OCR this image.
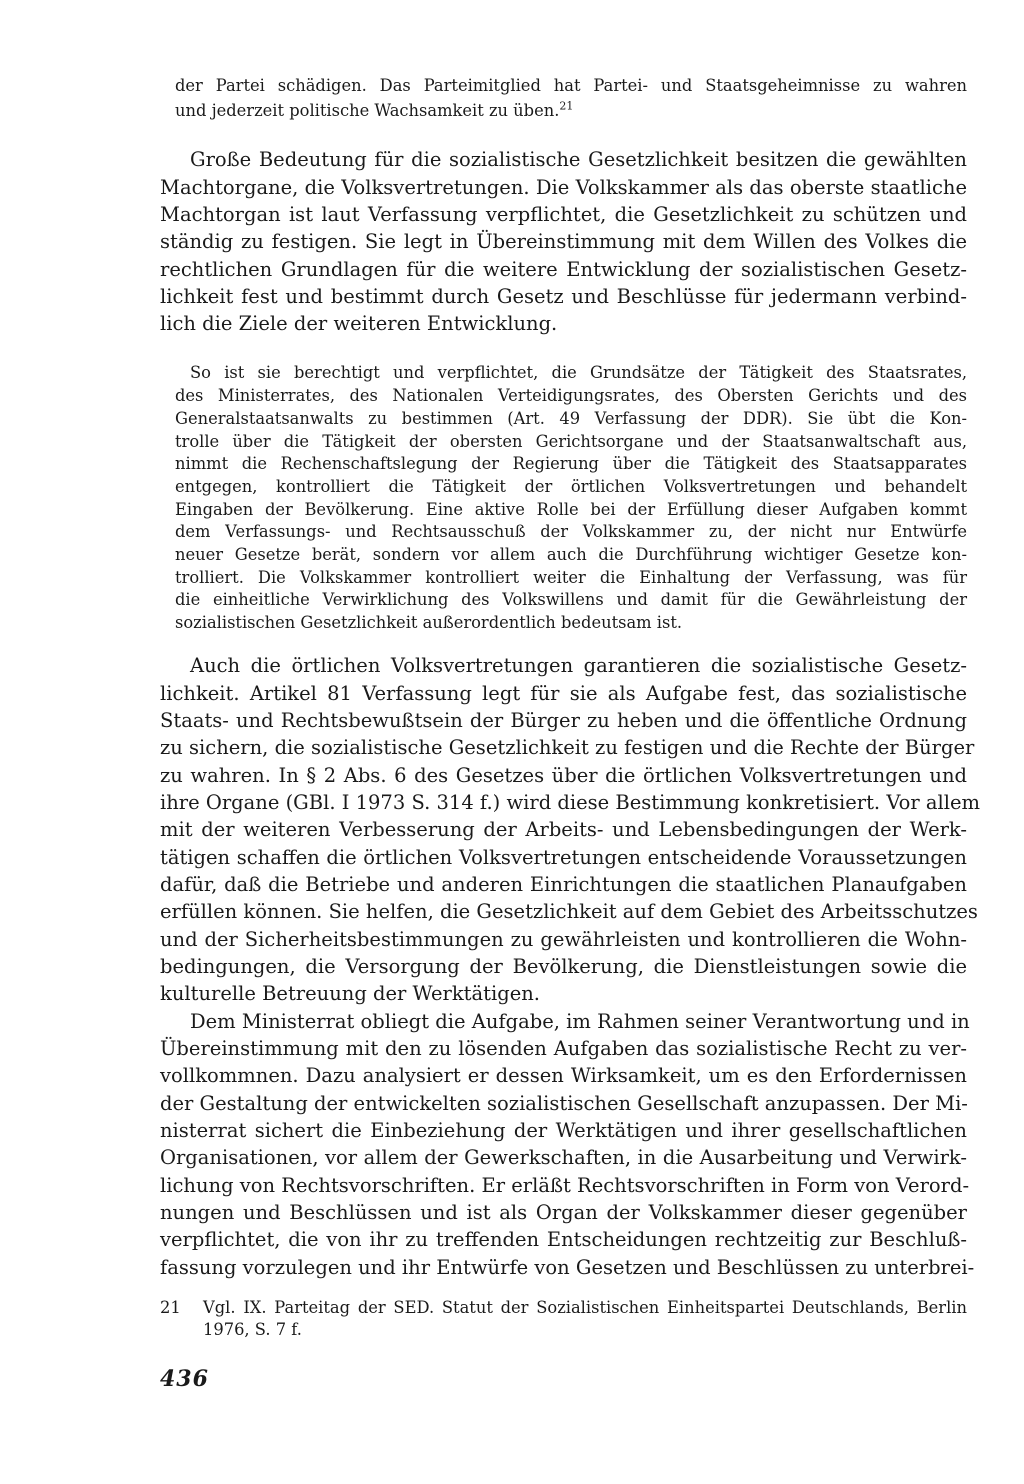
der Partei schädigen. Das Parteimitglied hat Partei- und Staatsgeheimnisse zu wahren
und jederzeit politische Wachsamkeit zu üben.$^{21}$
Große Bedeutung für die sozialistische Gesetzlichkeit besitzen die gewählten
Machtorgane, die Volksvertretungen. Die Volkskammer als das oberste staatliche
Machtorgan ist laut Verfassung verpflichtet, die Gesetzlichkeit zu schützen und
ständig zu festigen. Sie legt in Übereinstimmung mit dem Willen des Volkes die
rechtlichen Grundlagen für die weitere Entwicklung der sozialistischen Gesetz-
lichkeit fest und bestimmt durch Gesetz und Beschlüsse für jedermann verbind-
lich die Ziele der weiteren Entwicklung.
So ist sie berechtigt und verpflichtet, die Grundsätze der Tätigkeit des Staatsrates,
des Ministerrates, des Nationalen Verteidigungsrates, des Obersten Gerichts und des
Generalstaatsanwalts zu bestimmen (Art. 49 Verfassung der DDR). Sie übt die Kon-
trolle über die Tätigkeit der obersten Gerichtsorgane und der Staatsanwaltschaft aus,
nimmt die Rechenschaftslegung der Regierung über die Tätigkeit des Staatsapparates
entgegen, kontrolliert die Tätigkeit der örtlichen Volksvertretungen und behandelt
Eingaben der Bevölkerung. Eine aktive Rolle bei der Erfüllung dieser Aufgaben kommt
dem Verfassungs- und Rechtsausschuß der Volkskammer zu, der nicht nur Entwürfe
neuer Gesetze berät, sondern vor allem auch die Durchführung wichtiger Gesetze kon-
trolliert. Die Volkskammer kontrolliert weiter die Einhaltung der Verfassung, was für
die einheitliche Verwirklichung des Volkswillens und damit für die Gewährleistung der
sozialistischen Gesetzlichkeit außerordentlich bedeutsam ist.
Auch die örtlichen Volksvertretungen garantieren die sozialistische Gesetz-
lichkeit. Artikel 81 Verfassung legt für sie als Aufgabe fest, das sozialistische
Staats- und Rechtsbewußtsein der Bürger zu heben und die öffentliche Ordnung
zu sichern, die sozialistische Gesetzlichkeit zu festigen und die Rechte der Bürger
zu wahren. In § 2 Abs. 6 des Gesetzes über die örtlichen Volksvertretungen und
ihre Organe (GBl. I 1973 S. 314 f.) wird diese Bestimmung konkretisiert. Vor allem
mit der weiteren Verbesserung der Arbeits- und Lebensbedingungen der Werk-
tätigen schaffen die örtlichen Volksvertretungen entscheidende Voraussetzungen
dafür, daß die Betriebe und anderen Einrichtungen die staatlichen Planaufgaben
erfüllen können. Sie helfen, die Gesetzlichkeit auf dem Gebiet des Arbeitsschutzes
und der Sicherheitsbestimmungen zu gewährleisten und kontrollieren die Wohn-
bedingungen, die Versorgung der Bevölkerung, die Dienstleistungen sowie die
kulturelle Betreuung der Werktätigen.
Dem Ministerrat obliegt die Aufgabe, im Rahmen seiner Verantwortung und in
Übereinstimmung mit den zu lösenden Aufgaben das sozialistische Recht zu ver-
vollkommnen. Dazu analysiert er dessen Wirksamkeit, um es den Erfordernissen
der Gestaltung der entwickelten sozialistischen Gesellschaft anzupassen. Der Mi-
nisterrat sichert die Einbeziehung der Werktätigen und ihrer gesellschaftlichen
Organisationen, vor allem der Gewerkschaften, in die Ausarbeitung und Verwirk-
lichung von Rechtsvorschriften. Er erläßt Rechtsvorschriften in Form von Verord-
nungen und Beschlüssen und ist als Organ der Volkskammer dieser gegenüber
verpflichtet, die von ihr zu treffenden Entscheidungen rechtzeitig zur Beschluß-
fassung vorzulegen und ihr Entwürfe von Gesetzen und Beschlüssen zu unterbrei-
21 Vgl. IX. Parteitag der SED. Statut der Sozialistischen Einheitspartei Deutschlands, Berlin
1976, S. 7 f.
436
